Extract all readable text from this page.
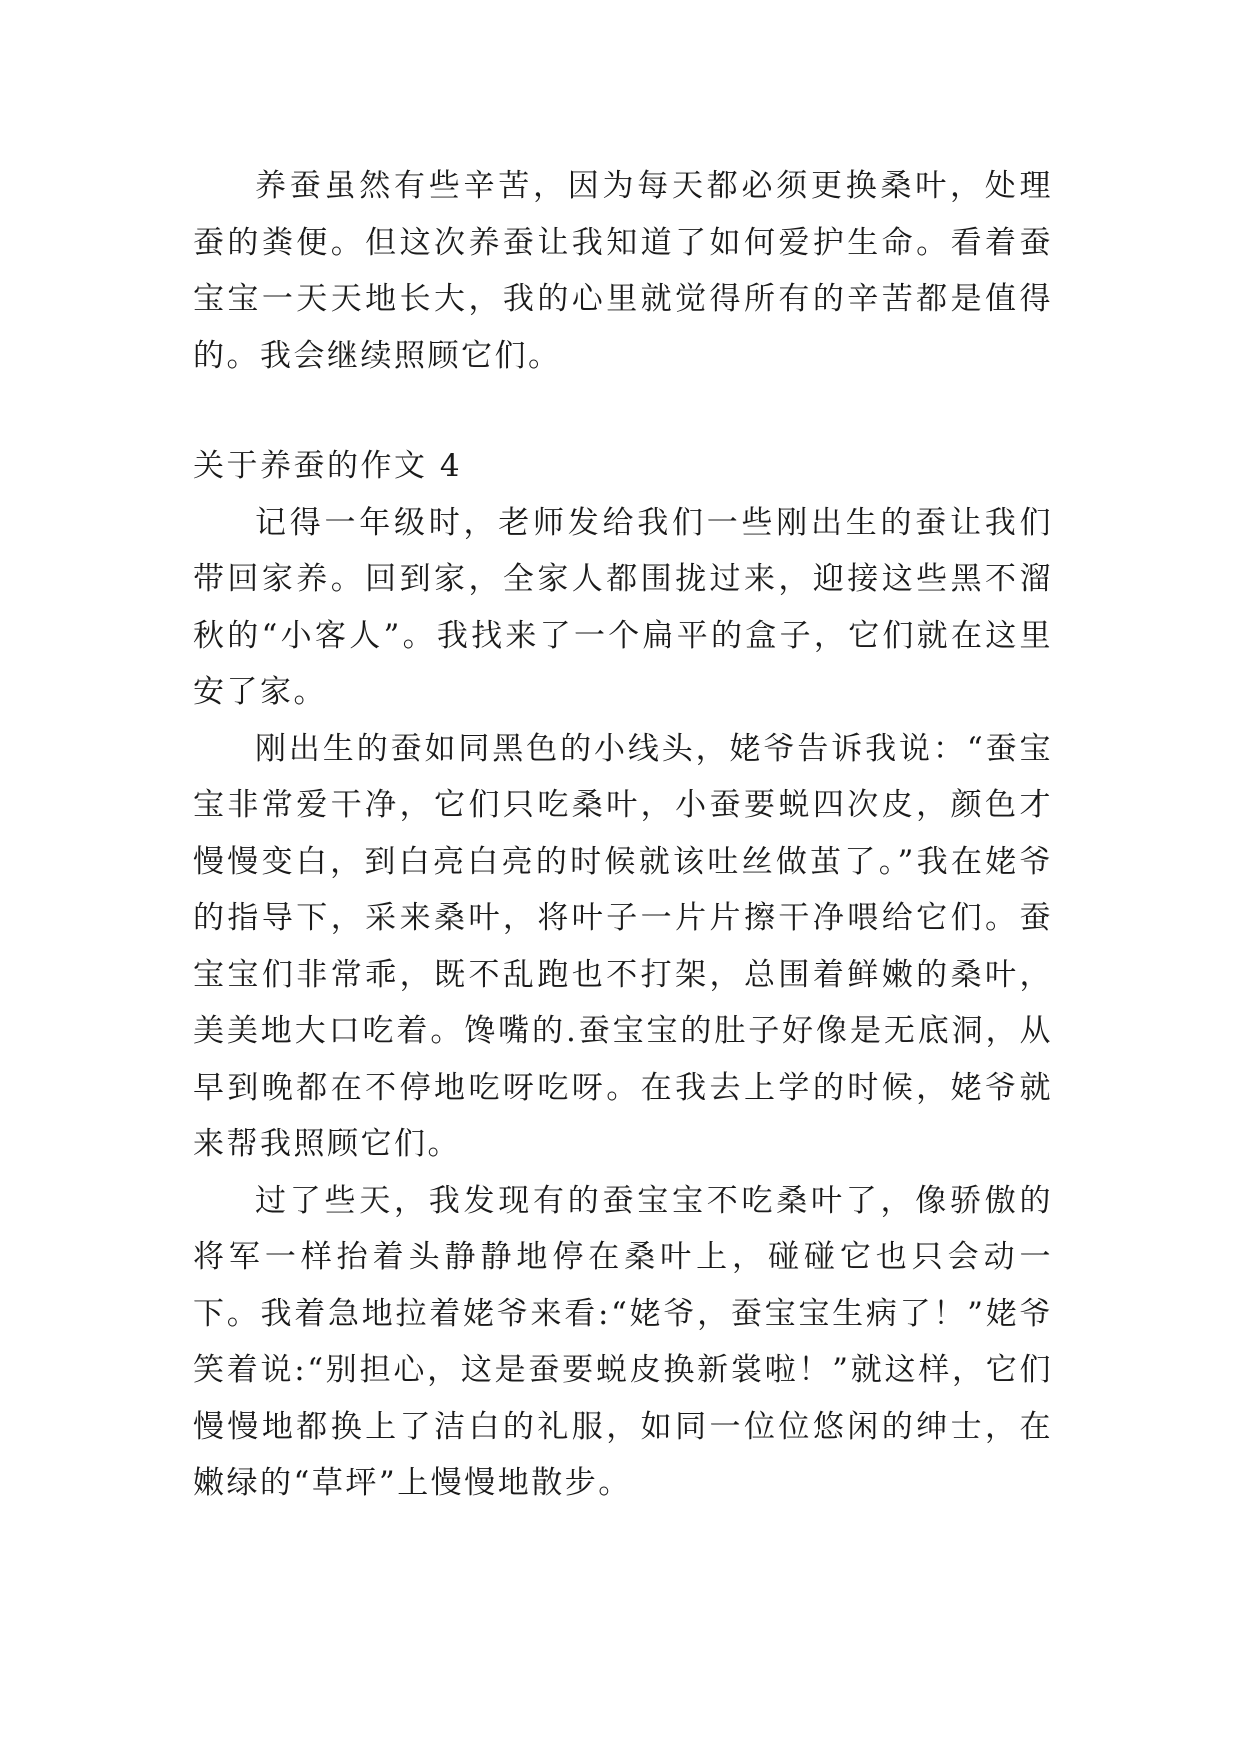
养蚕虽然有些辛苦，因为每天都必须更换桑叶，处理蚕的粪便。但这次养蚕让我知道了如何爱护生命。看着蚕宝宝一天天地长大，我的心里就觉得所有的辛苦都是值得的。我会继续照顾它们。

关于养蚕的作文 4

记得一年级时，老师发给我们一些刚出生的蚕让我们带回家养。回到家，全家人都围拢过来，迎接这些黑不溜秋的“小客人”。我找来了一个扁平的盒子，它们就在这里安了家。

刚出生的蚕如同黑色的小线头，姥爷告诉我说：“蚕宝宝非常爱干净，它们只吃桑叶，小蚕要蜕四次皮，颜色才慢慢变白，到白亮白亮的时候就该吐丝做茧了。”我在姥爷的指导下，采来桑叶，将叶子一片片擦干净喂给它们。蚕宝宝们非常乖，既不乱跑也不打架，总围着鲜嫩的桑叶，美美地大口吃着。馋嘴的.蚕宝宝的肚子好像是无底洞，从早到晚都在不停地吃呀吃呀。在我去上学的时候，姥爷就来帮我照顾它们。

过了些天，我发现有的蚕宝宝不吃桑叶了，像骄傲的将军一样抬着头静静地停在桑叶上，碰碰它也只会动一下。我着急地拉着姥爷来看:“姥爷，蚕宝宝生病了！”姥爷笑着说:“别担心，这是蚕要蜕皮换新裳啦！”就这样，它们慢慢地都换上了洁白的礼服，如同一位位悠闲的绅士，在嫩绿的“草坪”上慢慢地散步。
